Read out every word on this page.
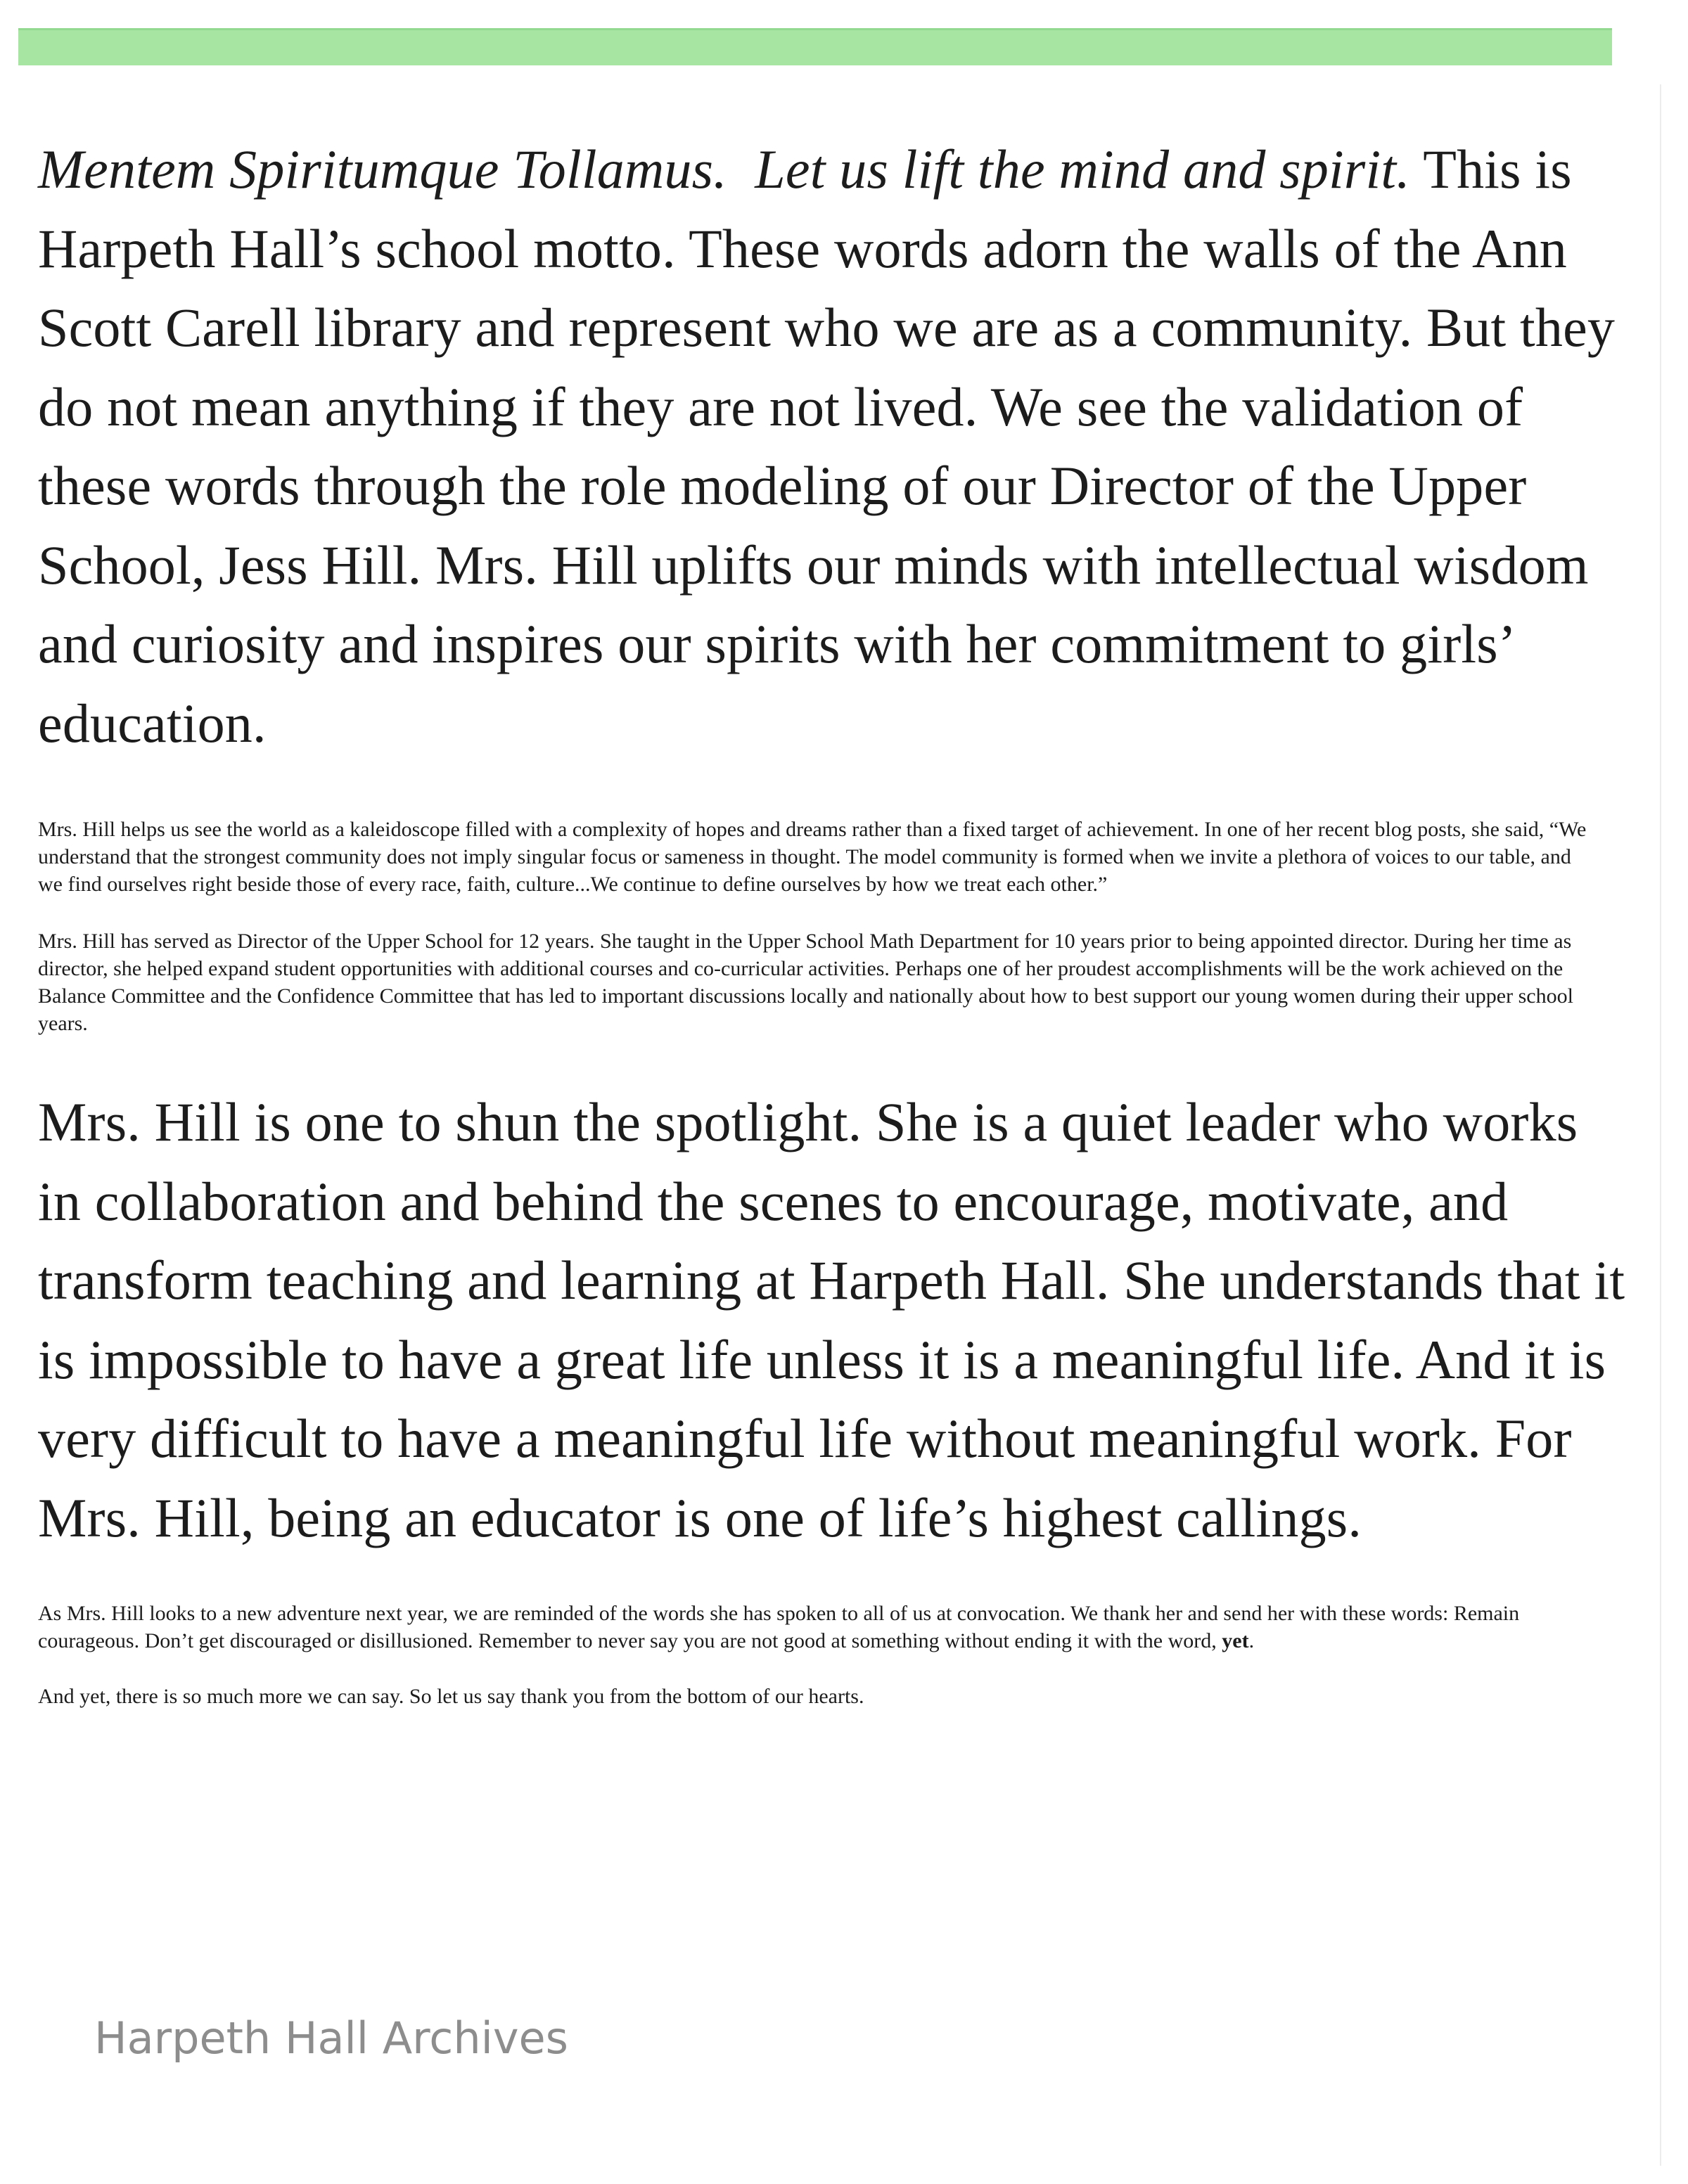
Mentem Spiritumque Tollamus. Let us lift the mind and spirit. This is Harpeth Hall’s school motto. These words adorn the walls of the Ann Scott Carell library and represent who we are as a community. But they do not mean anything if they are not lived. We see the validation of these words through the role modeling of our Director of the Upper School, Jess Hill. Mrs. Hill uplifts our minds with intellectual wisdom and curiosity and inspires our spirits with her commitment to girls’ education.

Mrs. Hill helps us see the world as a kaleidoscope filled with a complexity of hopes and dreams rather than a fixed target of achievement. In one of her recent blog posts, she said, “We understand that the strongest community does not imply singular focus or sameness in thought. The model community is formed when we invite a plethora of voices to our table, and we find ourselves right beside those of every race, faith, culture...We continue to define ourselves by how we treat each other.”

Mrs. Hill has served as Director of the Upper School for 12 years. She taught in the Upper School Math Department for 10 years prior to being appointed director. During her time as director, she helped expand student opportunities with additional courses and co-curricular activities. Perhaps one of her proudest accomplishments will be the work achieved on the Balance Committee and the Confidence Committee that has led to important discussions locally and nationally about how to best support our young women during their upper school years.

Mrs. Hill is one to shun the spotlight. She is a quiet leader who works in collaboration and behind the scenes to encourage, motivate, and transform teaching and learning at Harpeth Hall. She understands that it is impossible to have a great life unless it is a meaningful life. And it is very difficult to have a meaningful life without meaningful work. For Mrs. Hill, being an educator is one of life’s highest callings.

As Mrs. Hill looks to a new adventure next year, we are reminded of the words she has spoken to all of us at convocation. We thank her and send her with these words: Remain courageous. Don’t get discouraged or disillusioned. Remember to never say you are not good at something without ending it with the word, yet.

And yet, there is so much more we can say. So let us say thank you from the bottom of our hearts.

Harpeth Hall Archives
